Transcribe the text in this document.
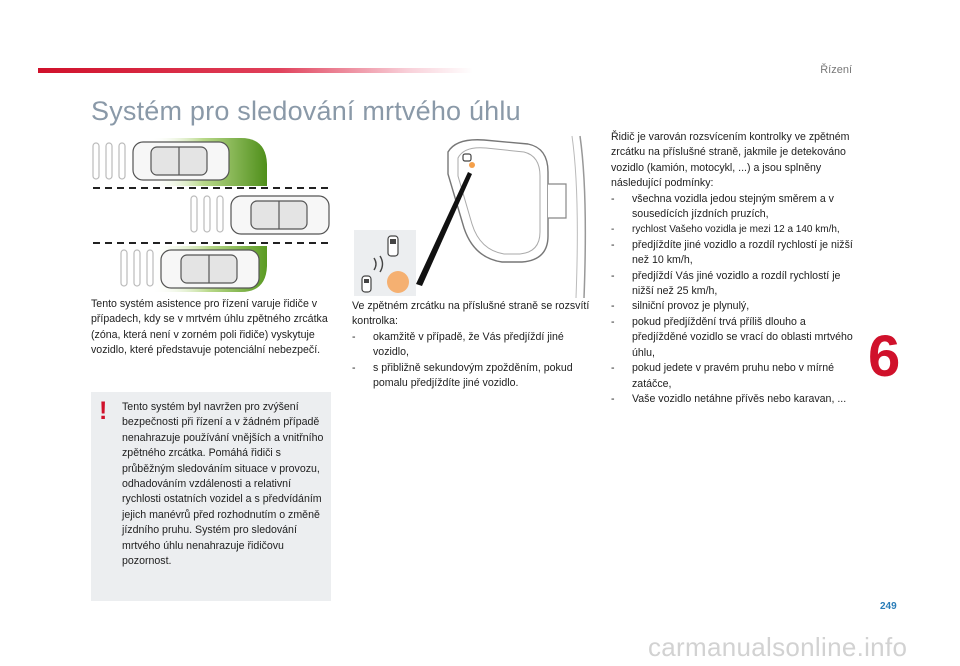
Řízení
Systém pro sledování mrtvého úhlu
Tento systém asistence pro řízení varuje řidiče v případech, kdy se v mrtvém úhlu zpětného zrcátka (zóna, která není v zorném poli řidiče) vyskytuje vozidlo, které představuje potenciální nebezpečí.
! Tento systém byl navržen pro zvýšení bezpečnosti při řízení a v žádném případě nenahrazuje používání vnějších a vnitřního zpětného zrcátka. Pomáhá řidiči s průběžným sledováním situace v provozu, odhadováním vzdálenosti a relativní rychlosti ostatních vozidel a s předvídáním jejich manévrů před rozhodnutím o změně jízdního pruhu. Systém pro sledování mrtvého úhlu nenahrazuje řidičovu pozornost.
Ve zpětném zrcátku na příslušné straně se rozsvítí kontrolka:
- okamžitě v případě, že Vás předjíždí jiné vozidlo,
- s přibližně sekundovým zpožděním, pokud pomalu předjíždíte jiné vozidlo.
Řidič je varován rozsvícením kontrolky ve zpětném zrcátku na příslušné straně, jakmile je detekováno vozidlo (kamión, motocykl, ...) a jsou splněny následující podmínky:
- všechna vozidla jedou stejným směrem a v sousedících jízdních pruzích,
- rychlost Vašeho vozidla je mezi 12 a 140 km/h,
- předjíždíte jiné vozidlo a rozdíl rychlostí je nižší než 10 km/h,
- předjíždí Vás jiné vozidlo a rozdíl rychlostí je nižší než 25 km/h,
- silniční provoz je plynulý,
- pokud předjíždění trvá příliš dlouho a předjížděné vozidlo se vrací do oblasti mrtvého úhlu,
- pokud jedete v pravém pruhu nebo v mírné zatáčce,
- Vaše vozidlo netáhne přívěs nebo karavan, ...
6
249
carmanualsonline.info
